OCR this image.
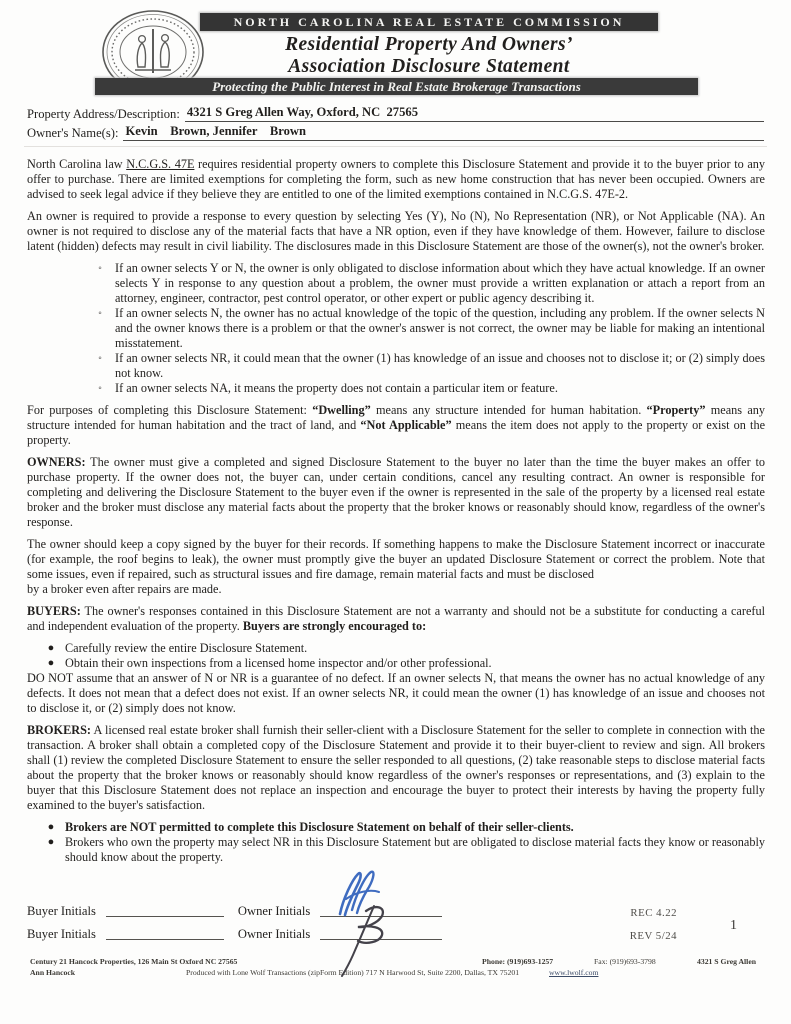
NORTH CAROLINA REAL ESTATE COMMISSION
Residential Property And Owners’
Association Disclosure Statement
Protecting the Public Interest in Real Estate Brokerage Transactions
Property Address/Description: 4321 S Greg Allen Way, Oxford, NC  27565
Owner's Name(s): Kevin    Brown, Jennifer    Brown

North Carolina law N.C.G.S. 47E requires residential property owners to complete this Disclosure Statement and provide it to the buyer prior to any offer to purchase. There are limited exemptions for completing the form, such as new home construction that has never been occupied. Owners are advised to seek legal advice if they believe they are entitled to one of the limited exemptions contained in N.C.G.S. 47E-2.

An owner is required to provide a response to every question by selecting Yes (Y), No (N), No Representation (NR), or Not Applicable (NA). An owner is not required to disclose any of the material facts that have a NR option, even if they have knowledge of them. However, failure to disclose latent (hidden) defects may result in civil liability. The disclosures made in this Disclosure Statement are those of the owner(s), not the owner's broker.

◦	If an owner selects Y or N, the owner is only obligated to disclose information about which they have actual knowledge. If an owner selects Y in response to any question about a problem, the owner must provide a written explanation or attach a report from an attorney, engineer, contractor, pest control operator, or other expert or public agency describing it.
◦	If an owner selects N, the owner has no actual knowledge of the topic of the question, including any problem. If the owner selects N and the owner knows there is a problem or that the owner's answer is not correct, the owner may be liable for making an intentional misstatement.
◦	If an owner selects NR, it could mean that the owner (1) has knowledge of an issue and chooses not to disclose it; or (2) simply does not know.
◦	If an owner selects NA, it means the property does not contain a particular item or feature.

For purposes of completing this Disclosure Statement: “Dwelling” means any structure intended for human habitation. “Property” means any structure intended for human habitation and the tract of land, and “Not Applicable” means the item does not apply to the property or exist on the property.

OWNERS: The owner must give a completed and signed Disclosure Statement to the buyer no later than the time the buyer makes an offer to purchase property. If the owner does not, the buyer can, under certain conditions, cancel any resulting contract. An owner is responsible for completing and delivering the Disclosure Statement to the buyer even if the owner is represented in the sale of the property by a licensed real estate broker and the broker must disclose any material facts about the property that the broker knows or reasonably should know, regardless of the owner's response.

The owner should keep a copy signed by the buyer for their records. If something happens to make the Disclosure Statement incorrect or inaccurate (for example, the roof begins to leak), the owner must promptly give the buyer an updated Disclosure Statement or correct the problem. Note that some issues, even if repaired, such as structural issues and fire damage, remain material facts and must be disclosed
by a broker even after repairs are made.

BUYERS: The owner's responses contained in this Disclosure Statement are not a warranty and should not be a substitute for conducting a careful and independent evaluation of the property. Buyers are strongly encouraged to:

● Carefully review the entire Disclosure Statement.
● Obtain their own inspections from a licensed home inspector and/or other professional.

DO NOT assume that an answer of N or NR is a guarantee of no defect. If an owner selects N, that means the owner has no actual knowledge of any defects. It does not mean that a defect does not exist. If an owner selects NR, it could mean the owner (1) has knowledge of an issue and chooses not to disclose it, or (2) simply does not know.

BROKERS: A licensed real estate broker shall furnish their seller-client with a Disclosure Statement for the seller to complete in connection with the transaction. A broker shall obtain a completed copy of the Disclosure Statement and provide it to their buyer-client to review and sign. All brokers shall (1) review the completed Disclosure Statement to ensure the seller responded to all questions, (2) take reasonable steps to disclose material facts about the property that the broker knows or reasonably should know regardless of the owner's responses or representations, and (3) explain to the buyer that this Disclosure Statement does not replace an inspection and encourage the buyer to protect their interests by having the property fully examined to the buyer's satisfaction.

● Brokers are NOT permitted to complete this Disclosure Statement on behalf of their seller-clients.
● Brokers who own the property may select NR in this Disclosure Statement but are obligated to disclose material facts they know or reasonably should know about the property.
Buyer Initials	Owner Initials	REC 4.22
Buyer Initials	Owner Initials	REV 5/24
1
Century 21 Hancock Properties, 126 Main St Oxford NC 27565	Phone: (919)693-1257	Fax: (919)693-3798	4321 S Greg Allen
Ann Hancock	Produced with Lone Wolf Transactions (zipForm Edition) 717 N Harwood St, Suite 2200, Dallas, TX 75201	www.lwolf.com
